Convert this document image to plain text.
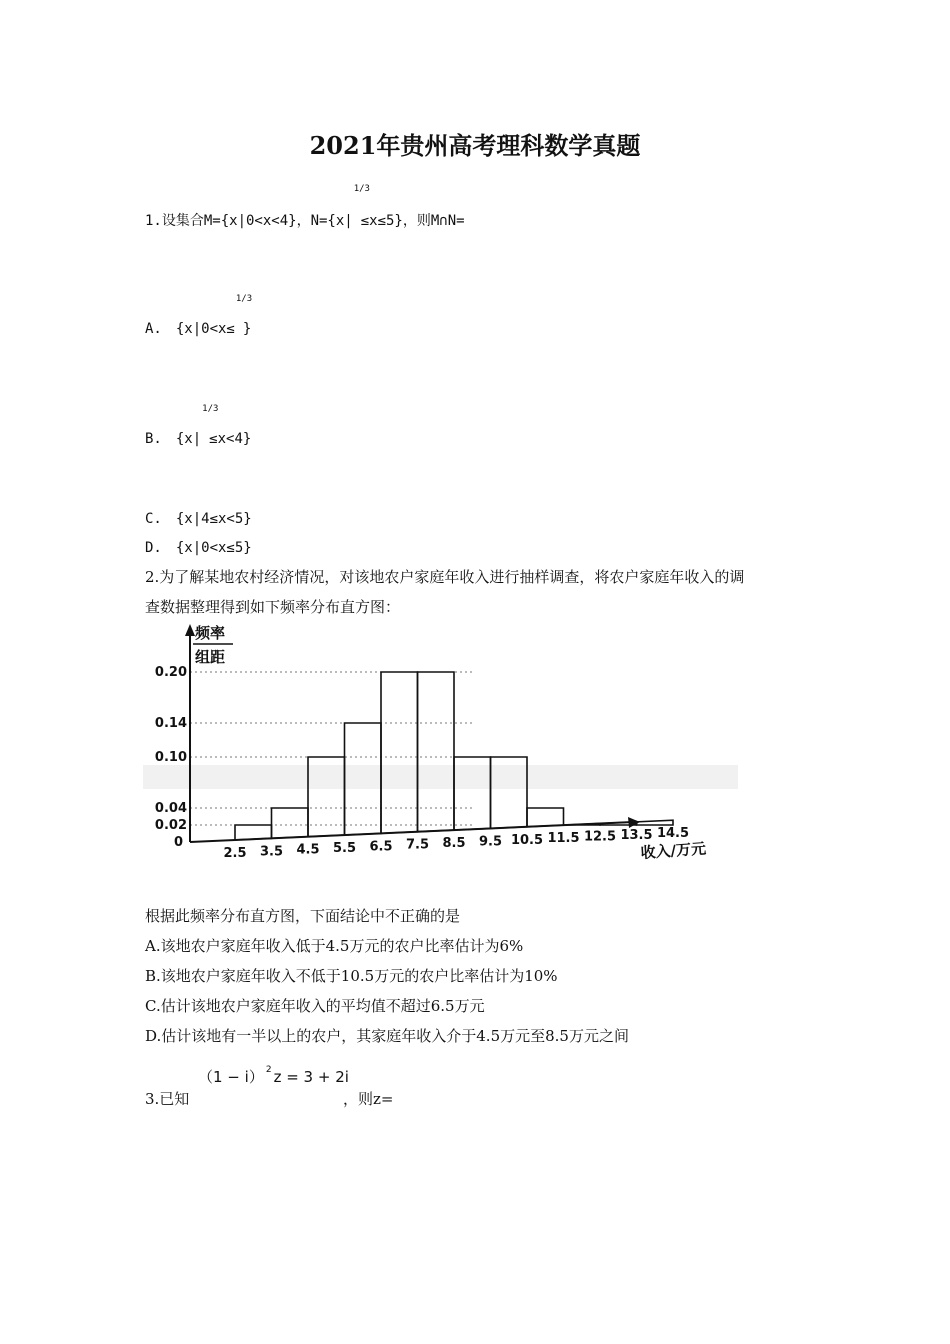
2021年贵州高考理科数学真题
1.设集合M={x|0<x<4}，N={x|
1/3
≤x≤5}，则M∩N=
A.　{x|0<x≤
1/3
}
B.　{x|
1/3
≤x<4}
C.　{x|4≤x<5}
D.　{x|0<x≤5}
2.为了解某地农村经济情况，对该地农户家庭年收入进行抽样调查，将农户家庭年收入的调
查数据整理得到如下频率分布直方图：
频率
组距
收入/万元
0
0.20
0.14
0.10
0.04
0.02
2.5 3.5 4.5 5.5 6.5 7.5 8.5 9.5 10.5 11.5 12.5 13.5 14.5
根据此频率分布直方图，下面结论中不正确的是
A.该地农户家庭年收入低于4.5万元的农户比率估计为6%
B.该地农户家庭年收入不低于10.5万元的农户比率估计为10%
C.估计该地农户家庭年收入的平均值不超过6.5万元
D.估计该地有一半以上的农户，其家庭年收入介于4.5万元至8.5万元之间
3.已知
（1 − i） $^2$ z = 3 + 2i
，则z=
